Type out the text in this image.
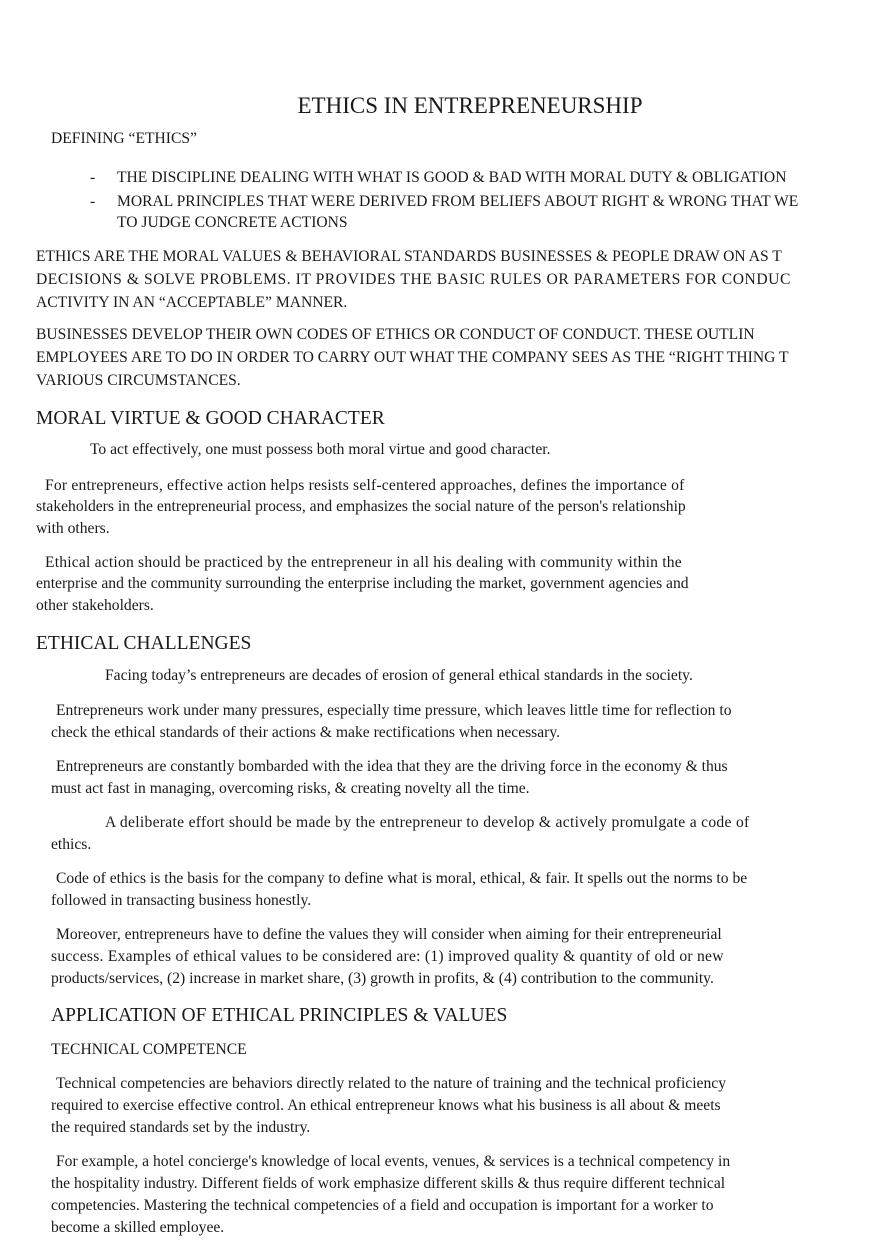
ETHICS IN ENTREPRENEURSHIP
DEFINING “ETHICS”
- THE DISCIPLINE DEALING WITH WHAT IS GOOD & BAD WITH MORAL DUTY & OBLIGATION
- MORAL PRINCIPLES THAT WERE DERIVED FROM BELIEFS ABOUT RIGHT & WRONG THAT WE
TO JUDGE CONCRETE ACTIONS
ETHICS ARE THE MORAL VALUES & BEHAVIORAL STANDARDS BUSINESSES & PEOPLE DRAW ON AS T
DECISIONS & SOLVE PROBLEMS. IT PROVIDES THE BASIC RULES OR PARAMETERS FOR CONDUC
ACTIVITY IN AN “ACCEPTABLE” MANNER.
BUSINESSES DEVELOP THEIR OWN CODES OF ETHICS OR CONDUCT OF CONDUCT. THESE OUTLIN
EMPLOYEES ARE TO DO IN ORDER TO CARRY OUT WHAT THE COMPANY SEES AS THE “RIGHT THING T
VARIOUS CIRCUMSTANCES.
MORAL VIRTUE & GOOD CHARACTER
To act effectively, one must possess both moral virtue and good character.
For entrepreneurs, effective action helps resists self-centered approaches, defines the importance of
stakeholders in the entrepreneurial process, and emphasizes the social nature of the person's relationship
with others.
Ethical action should be practiced by the entrepreneur in all his dealing with community within the
enterprise and the community surrounding the enterprise including the market, government agencies and
other stakeholders.
ETHICAL CHALLENGES
Facing today’s entrepreneurs are decades of erosion of general ethical standards in the society.
Entrepreneurs work under many pressures, especially time pressure, which leaves little time for reflection to
check the ethical standards of their actions & make rectifications when necessary.
Entrepreneurs are constantly bombarded with the idea that they are the driving force in the economy & thus
must act fast in managing, overcoming risks, & creating novelty all the time.
A deliberate effort should be made by the entrepreneur to develop & actively promulgate a code of
ethics.
Code of ethics is the basis for the company to define what is moral, ethical, & fair. It spells out the norms to be
followed in transacting business honestly.
Moreover, entrepreneurs have to define the values they will consider when aiming for their entrepreneurial
success. Examples of ethical values to be considered are: (1) improved quality & quantity of old or new
products/services, (2) increase in market share, (3) growth in profits, & (4) contribution to the community.
APPLICATION OF ETHICAL PRINCIPLES & VALUES
TECHNICAL COMPETENCE
Technical competencies are behaviors directly related to the nature of training and the technical proficiency
required to exercise effective control. An ethical entrepreneur knows what his business is all about & meets
the required standards set by the industry.
For example, a hotel concierge's knowledge of local events, venues, & services is a technical competency in
the hospitality industry. Different fields of work emphasize different skills & thus require different technical
competencies. Mastering the technical competencies of a field and occupation is important for a worker to
become a skilled employee.
